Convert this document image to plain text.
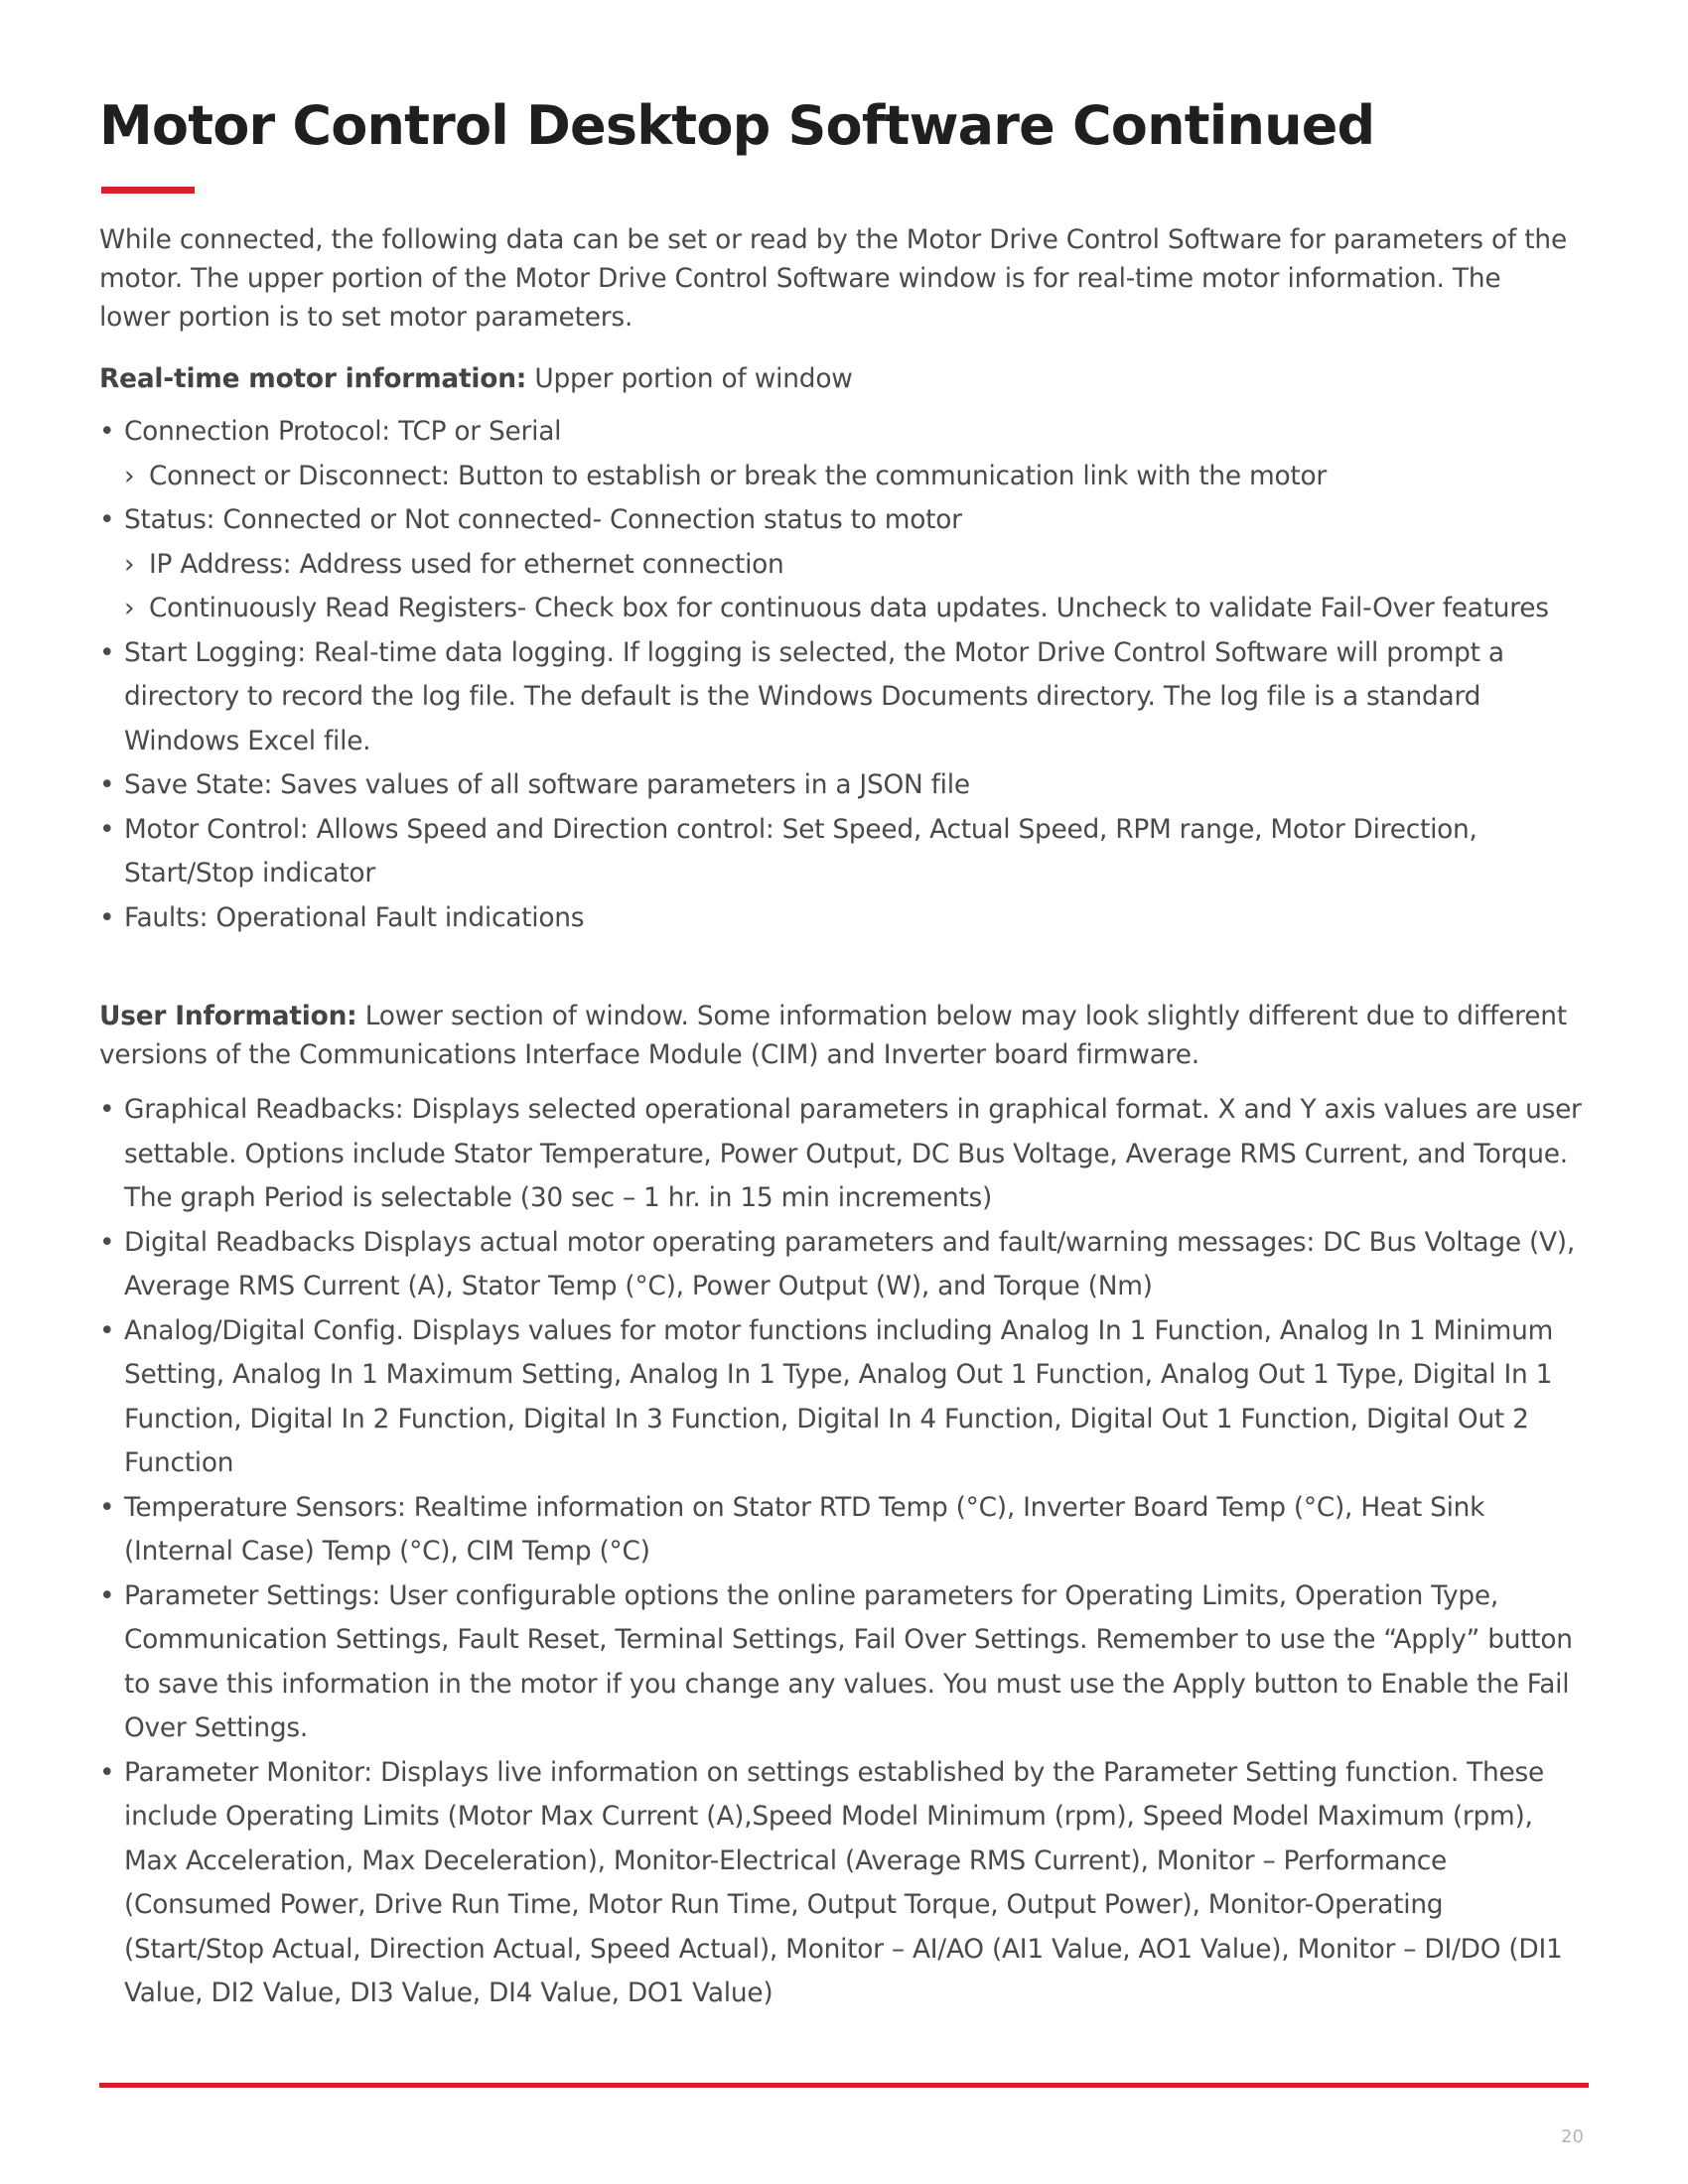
Motor Control Desktop Software Continued

While connected, the following data can be set or read by the Motor Drive Control Software for parameters of the motor. The upper portion of the Motor Drive Control Software window is for real-time motor information. The lower portion is to set motor parameters.

Real-time motor information: Upper portion of window

• Connection Protocol: TCP or Serial
› Connect or Disconnect: Button to establish or break the communication link with the motor
• Status: Connected or Not connected- Connection status to motor
› IP Address: Address used for ethernet connection
› Continuously Read Registers- Check box for continuous data updates. Uncheck to validate Fail-Over features
• Start Logging: Real-time data logging. If logging is selected, the Motor Drive Control Software will prompt a directory to record the log file. The default is the Windows Documents directory. The log file is a standard Windows Excel file.
• Save State: Saves values of all software parameters in a JSON file
• Motor Control: Allows Speed and Direction control: Set Speed, Actual Speed, RPM range, Motor Direction, Start/Stop indicator
• Faults: Operational Fault indications

User Information: Lower section of window. Some information below may look slightly different due to different versions of the Communications Interface Module (CIM) and Inverter board firmware.

• Graphical Readbacks: Displays selected operational parameters in graphical format. X and Y axis values are user settable. Options include Stator Temperature, Power Output, DC Bus Voltage, Average RMS Current, and Torque. The graph Period is selectable (30 sec – 1 hr. in 15 min increments)
• Digital Readbacks Displays actual motor operating parameters and fault/warning messages: DC Bus Voltage (V), Average RMS Current (A), Stator Temp (°C), Power Output (W), and Torque (Nm)
• Analog/Digital Config. Displays values for motor functions including Analog In 1 Function, Analog In 1 Minimum Setting, Analog In 1 Maximum Setting, Analog In 1 Type, Analog Out 1 Function, Analog Out 1 Type, Digital In 1 Function, Digital In 2 Function, Digital In 3 Function, Digital In 4 Function, Digital Out 1 Function, Digital Out 2 Function
• Temperature Sensors: Realtime information on Stator RTD Temp (°C), Inverter Board Temp (°C), Heat Sink (Internal Case) Temp (°C), CIM Temp (°C)
• Parameter Settings: User configurable options the online parameters for Operating Limits, Operation Type, Communication Settings, Fault Reset, Terminal Settings, Fail Over Settings. Remember to use the “Apply” button to save this information in the motor if you change any values. You must use the Apply button to Enable the Fail Over Settings.
• Parameter Monitor: Displays live information on settings established by the Parameter Setting function. These include Operating Limits (Motor Max Current (A),Speed Model Minimum (rpm), Speed Model Maximum (rpm), Max Acceleration, Max Deceleration), Monitor-Electrical (Average RMS Current), Monitor – Performance (Consumed Power, Drive Run Time, Motor Run Time, Output Torque, Output Power), Monitor-Operating (Start/Stop Actual, Direction Actual, Speed Actual), Monitor – AI/AO (AI1 Value, AO1 Value), Monitor – DI/DO (DI1 Value, DI2 Value, DI3 Value, DI4 Value, DO1 Value)
20
